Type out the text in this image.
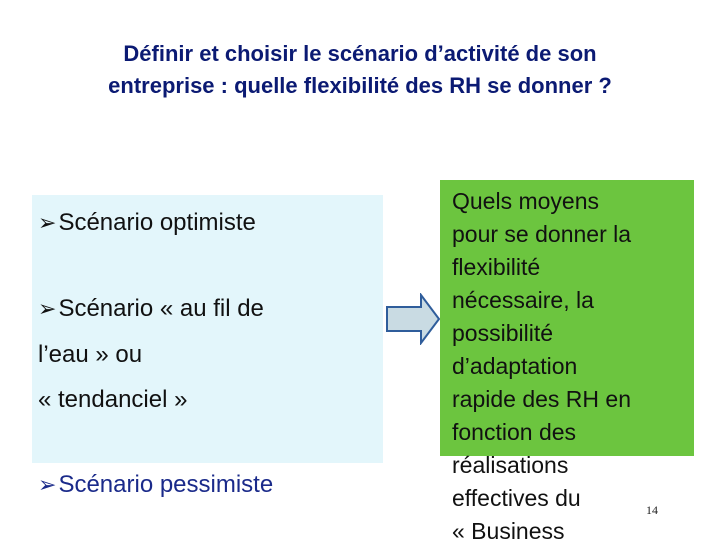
Définir et choisir le scénario d’activité de son
entreprise : quelle flexibilité des RH se donner ?
➢Scénario optimiste
➢Scénario « au fil de
l’eau » ou
« tendanciel »
➢Scénario pessimiste
Quels moyens
pour se donner la
flexibilité
nécessaire, la
possibilité
d’adaptation
rapide des RH en
fonction des
réalisations
effectives du
« Business
14
